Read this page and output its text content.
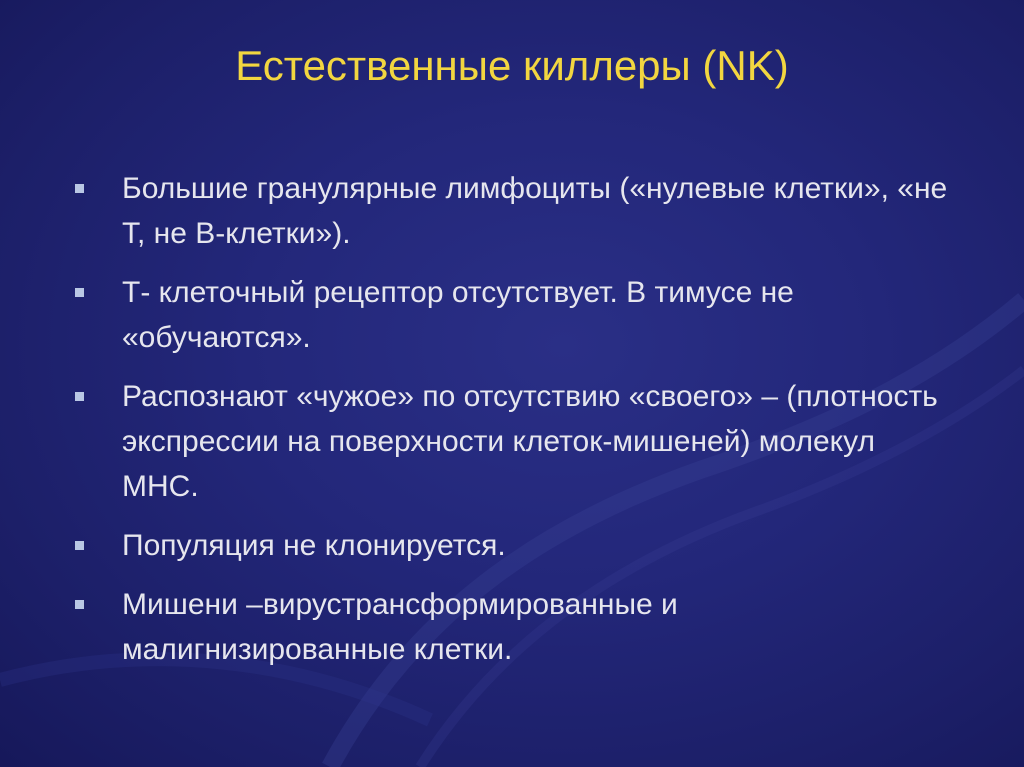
Естественные киллеры (NK)
Большие гранулярные лимфоциты («нулевые клетки», «не Т, не В-клетки»).
Т- клеточный рецептор отсутствует. В тимусе не «обучаются».
Распознают «чужое» по отсутствию «своего» – (плотность экспрессии на поверхности клеток-мишеней) молекул МНС.
Популяция не клонируется.
Мишени –вирустрансформированные и малигнизированные клетки.
